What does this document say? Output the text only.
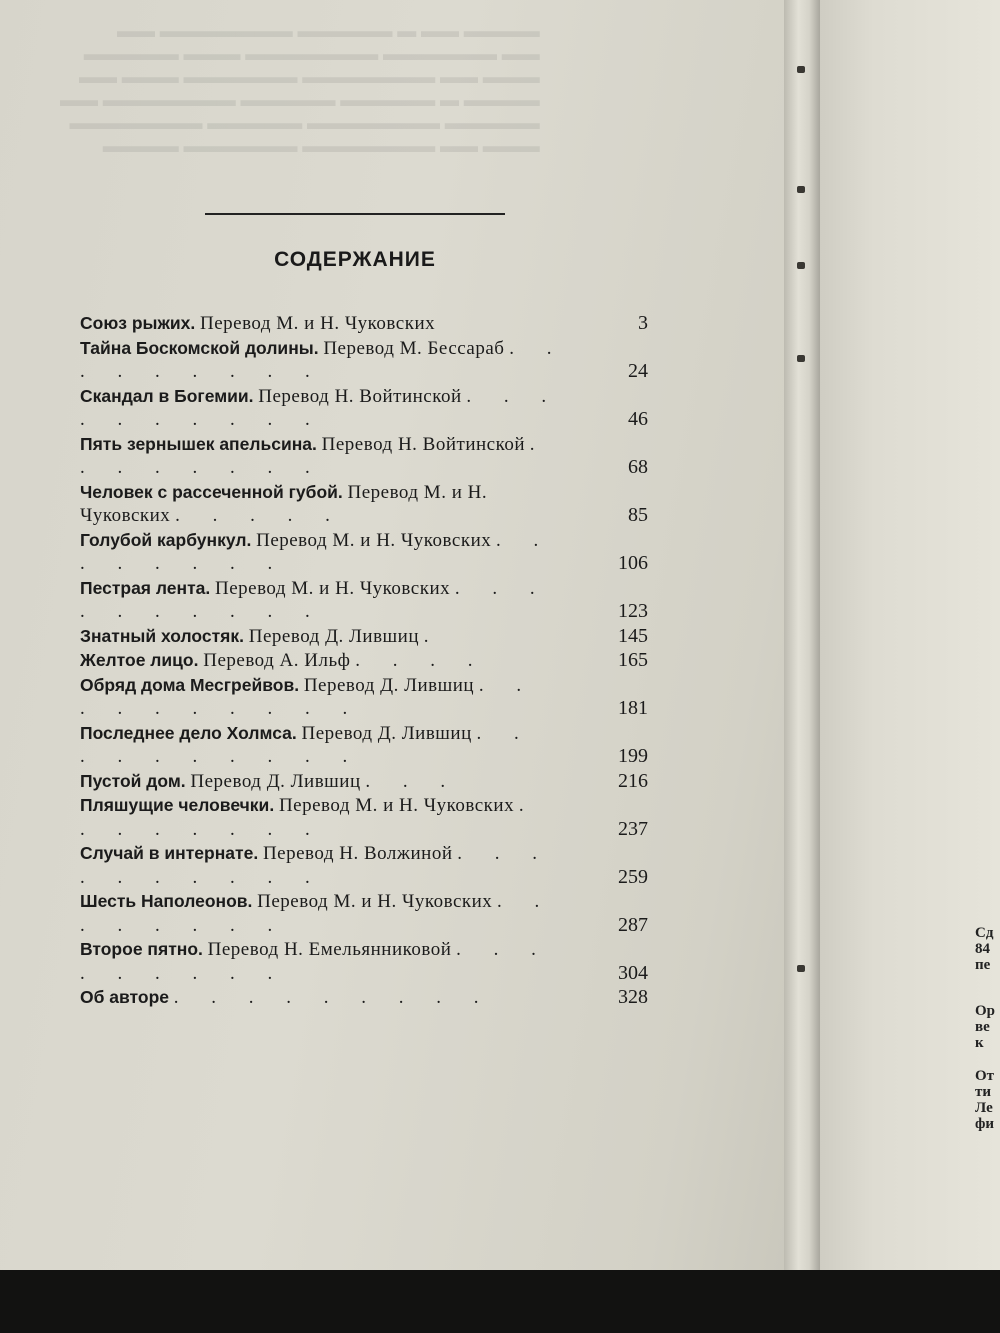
СОДЕРЖАНИЕ
Союз рыжих. Перевод М. и Н. Чуковских	3
Тайна Боскомской долины. Перевод М. Бессараб . . . . . . . . .	24
Скандал в Богемии. Перевод Н. Войтинской . . . . . . . . . .	46
Пять зернышек апельсина. Перевод Н. Войтинской . . . . . . . .	68
Человек с рассеченной губой. Перевод М. и Н. Чуковских . . . . .	85
Голубой карбункул. Перевод М. и Н. Чуковских . . . . . . . .	106
Пестрая лента. Перевод М. и Н. Чуковских . . . . . . . . . .	123
Знатный холостяк. Перевод Д. Лившиц .	145
Желтое лицо. Перевод А. Ильф . . . .	165
Обряд дома Месгрейвов. Перевод Д. Лившиц . . . . . . . . . .	181
Последнее дело Холмса. Перевод Д. Лившиц . . . . . . . . . .	199
Пустой дом. Перевод Д. Лившиц . . .	216
Пляшущие человечки. Перевод М. и Н. Чуковских . . . . . . . .	237
Случай в интернате. Перевод Н. Волжиной . . . . . . . . . .	259
Шесть Наполеонов. Перевод М. и Н. Чуковских . . . . . . . .	287
Второе пятно. Перевод Н. Емельянниковой . . . . . . . . .	304
Об авторе . . . . . . . . .	328
Сд
84
пе
Ор
ве
к
От
ти
Ле
фи
